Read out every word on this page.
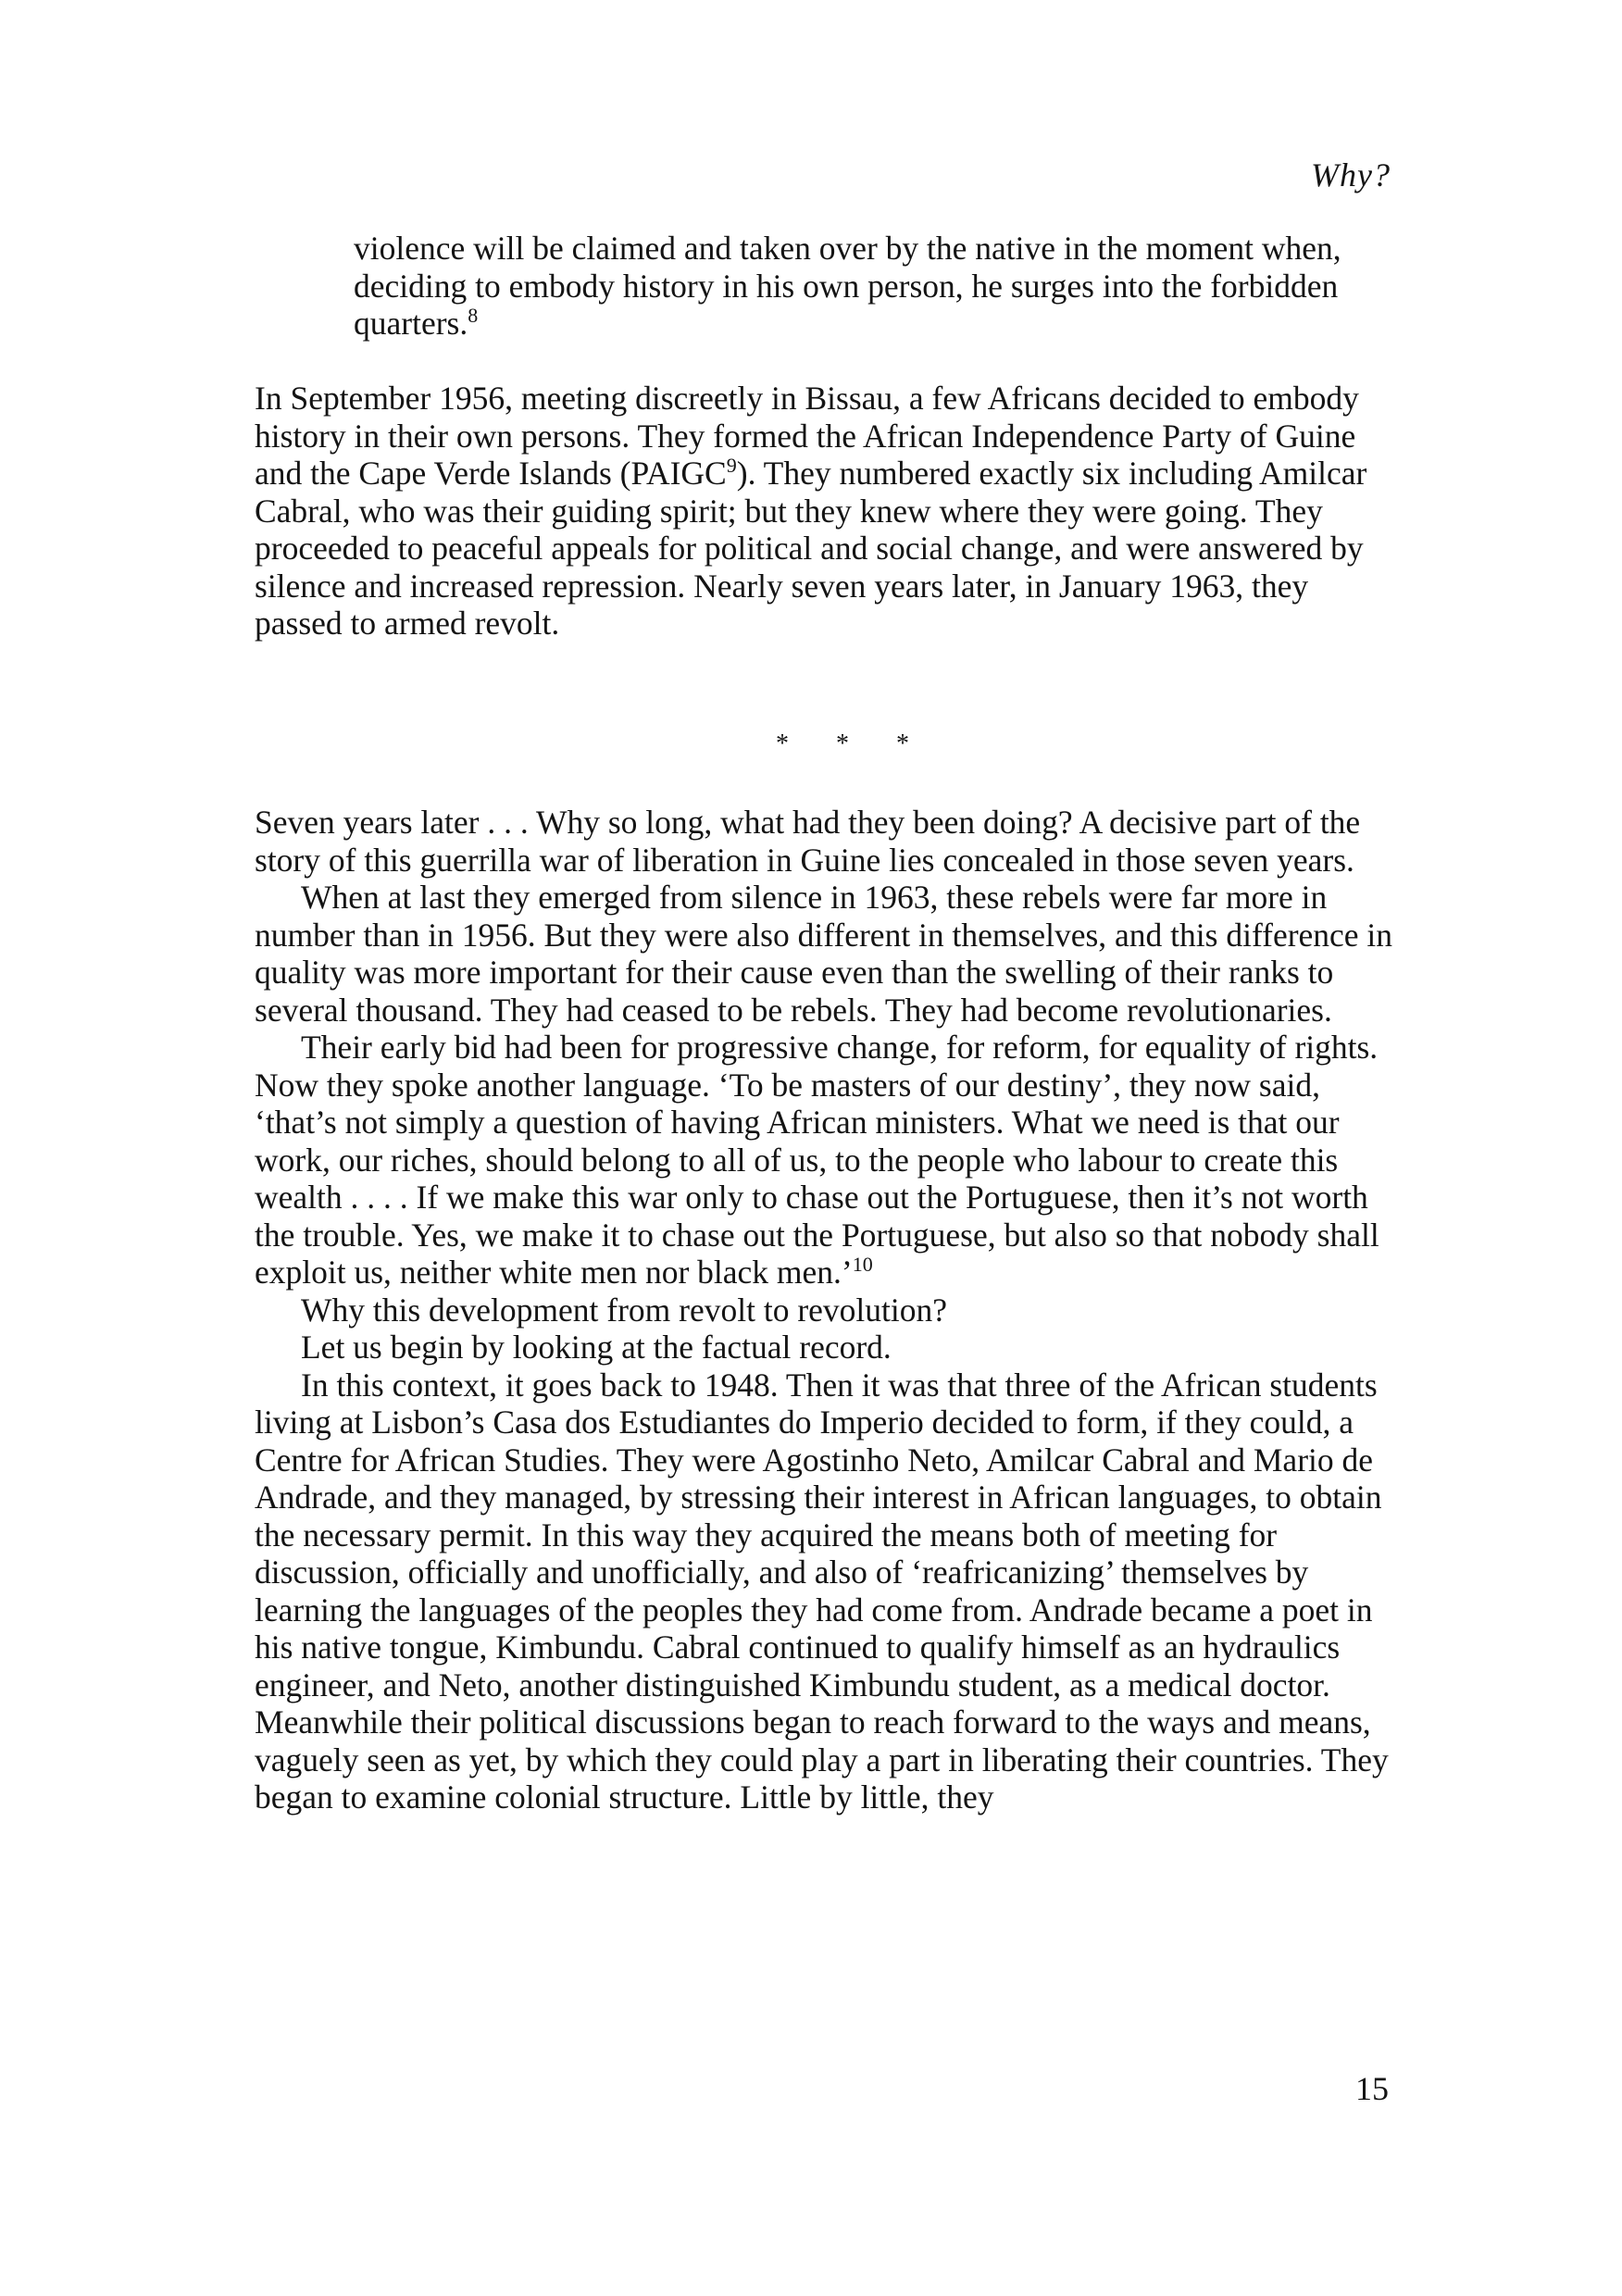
Why?

violence will be claimed and taken over by the native in the moment when, deciding to embody history in his own person, he surges into the forbidden quarters.$^8$

In September 1956, meeting discreetly in Bissau, a few Africans decided to embody history in their own persons. They formed the African Independence Party of Guine and the Cape Verde Islands (PAIGC$^9$). They numbered exactly six including Amilcar Cabral, who was their guiding spirit; but they knew where they were going. They proceeded to peaceful appeals for political and social change, and were answered by silence and increased repression. Nearly seven years later, in January 1963, they passed to armed revolt.

* * *

Seven years later . . . Why so long, what had they been doing? A decisive part of the story of this guerrilla war of liberation in Guine lies concealed in those seven years.

When at last they emerged from silence in 1963, these rebels were far more in number than in 1956. But they were also different in themselves, and this difference in quality was more important for their cause even than the swelling of their ranks to several thousand. They had ceased to be rebels. They had become revolutionaries.

Their early bid had been for progressive change, for reform, for equality of rights. Now they spoke another language. ‘To be masters of our destiny’, they now said, ‘that’s not simply a question of having African ministers. What we need is that our work, our riches, should belong to all of us, to the people who labour to create this wealth . . . . If we make this war only to chase out the Portuguese, then it’s not worth the trouble. Yes, we make it to chase out the Portuguese, but also so that nobody shall exploit us, neither white men nor black men.’$^{10}$

Why this development from revolt to revolution?

Let us begin by looking at the factual record.

In this context, it goes back to 1948. Then it was that three of the African students living at Lisbon’s Casa dos Estudiantes do Imperio decided to form, if they could, a Centre for African Studies. They were Agostinho Neto, Amilcar Cabral and Mario de Andrade, and they managed, by stressing their interest in African languages, to obtain the necessary permit. In this way they acquired the means both of meeting for discussion, officially and unofficially, and also of ‘reafricanizing’ themselves by learning the languages of the peoples they had come from. Andrade became a poet in his native tongue, Kimbundu. Cabral continued to qualify himself as an hydraulics engineer, and Neto, another distinguished Kimbundu student, as a medical doctor. Meanwhile their political discussions began to reach forward to the ways and means, vaguely seen as yet, by which they could play a part in liberating their countries. They began to examine colonial structure. Little by little, they

15
